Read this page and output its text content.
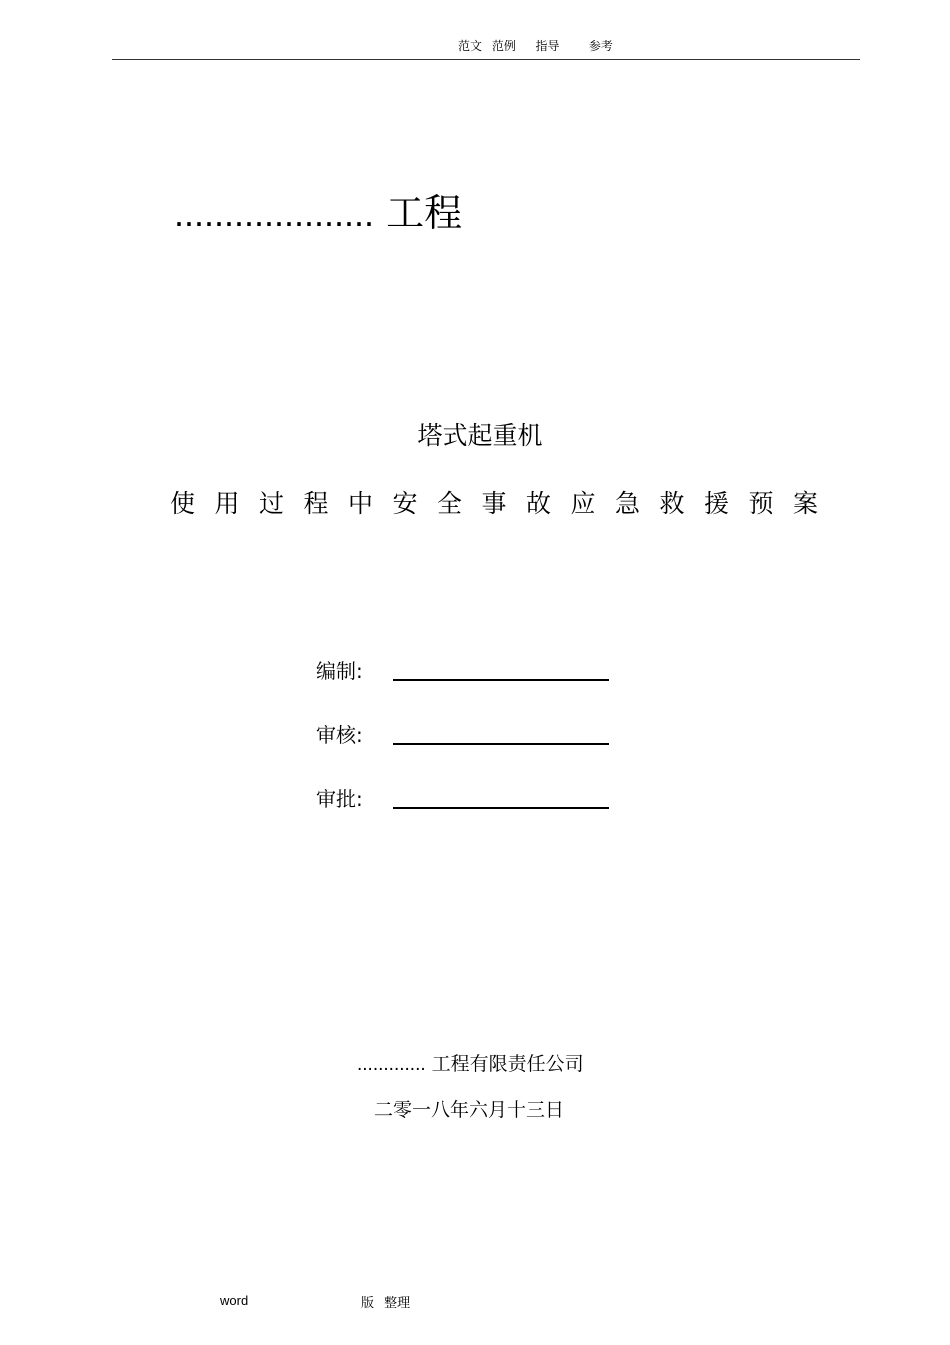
范文 范例  指导   参考
.................... 工程
塔式起重机
使用过程中安全事故应急救援预案
编制:
审核:
审批:
............. 工程有限责任公司
二零一八年六月十三日
word	版 整理
